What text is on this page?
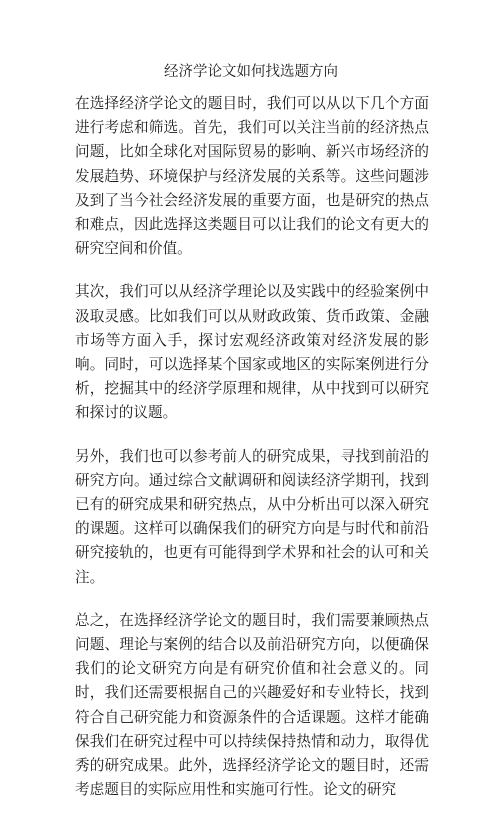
经济学论文如何找选题方向

在选择经济学论文的题目时，我们可以从以下几个方面进行考虑和筛选。首先，我们可以关注当前的经济热点问题，比如全球化对国际贸易的影响、新兴市场经济的发展趋势、环境保护与经济发展的关系等。这些问题涉及到了当今社会经济发展的重要方面，也是研究的热点和难点，因此选择这类题目可以让我们的论文有更大的研究空间和价值。

其次，我们可以从经济学理论以及实践中的经验案例中汲取灵感。比如我们可以从财政政策、货币政策、金融市场等方面入手，探讨宏观经济政策对经济发展的影响。同时，可以选择某个国家或地区的实际案例进行分析，挖掘其中的经济学原理和规律，从中找到可以研究和探讨的议题。

另外，我们也可以参考前人的研究成果，寻找到前沿的研究方向。通过综合文献调研和阅读经济学期刊，找到已有的研究成果和研究热点，从中分析出可以深入研究的课题。这样可以确保我们的研究方向是与时代和前沿研究接轨的，也更有可能得到学术界和社会的认可和关注。

总之，在选择经济学论文的题目时，我们需要兼顾热点问题、理论与案例的结合以及前沿研究方向，以便确保我们的论文研究方向是有研究价值和社会意义的。同时，我们还需要根据自己的兴趣爱好和专业特长，找到符合自己研究能力和资源条件的合适课题。这样才能确保我们在研究过程中可以持续保持热情和动力，取得优秀的研究成果。此外，选择经济学论文的题目时，还需考虑题目的实际应用性和实施可行性。论文的研究
